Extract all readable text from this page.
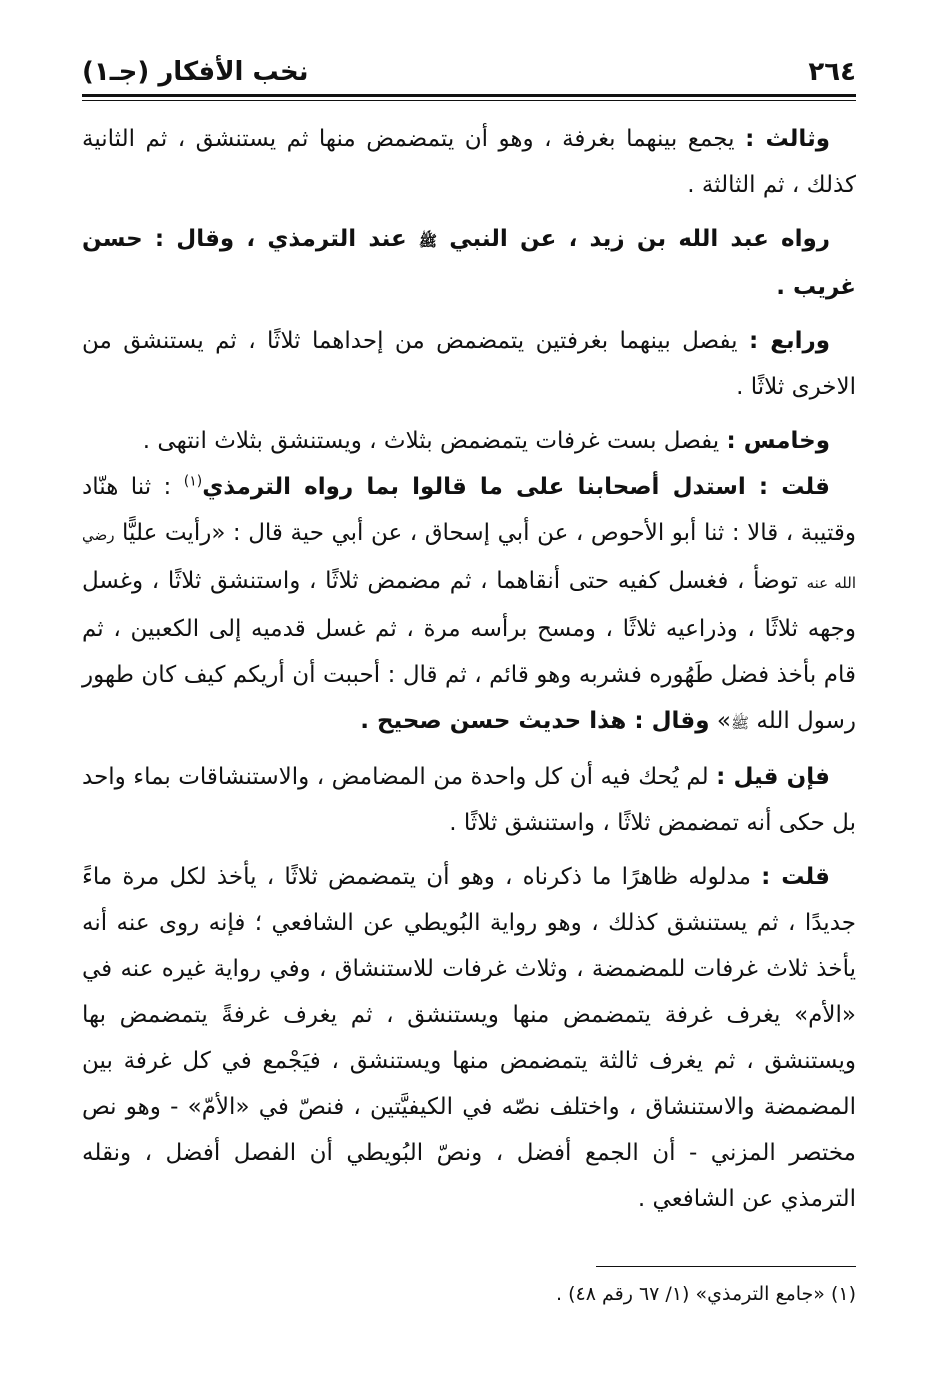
٢٦٤
نخب الأفكار (جـ١)

وثالث : يجمع بينهما بغرفة ، وهو أن يتمضمض منها ثم يستنشق ، ثم الثانية كذلك ، ثم الثالثة .

رواه عبد الله بن زيد ، عن النبي ﷺ عند الترمذي ، وقال : حسن غريب .

ورابع : يفصل بينهما بغرفتين يتمضمض من إحداهما ثلاثًا ، ثم يستنشق من الاخرى ثلاثًا .

وخامس : يفصل بست غرفات يتمضمض بثلاث ، ويستنشق بثلاث انتهى .

قلت : استدل أصحابنا على ما قالوا بما رواه الترمذي$^{(١)}$ : ثنا هنّاد وقتيبة ، قالا : ثنا أبو الأحوص ، عن أبي إسحاق ، عن أبي حية قال : «رأيت عليًّا رضي الله عنه توضأ ، فغسل كفيه حتى أنقاهما ، ثم مضمض ثلاثًا ، واستنشق ثلاثًا ، وغسل وجهه ثلاثًا ، وذراعيه ثلاثًا ، ومسح برأسه مرة ، ثم غسل قدميه إلى الكعبين ، ثم قام بأخذ فضل طَهُوره فشربه وهو قائم ، ثم قال : أحببت أن أريكم كيف كان طهور رسول الله ﷺ» وقال : هذا حديث حسن صحيح .

فإن قيل : لم يُحك فيه أن كل واحدة من المضامض ، والاستنشاقات بماء واحد بل حكى أنه تمضمض ثلاثًا ، واستنشق ثلاثًا .

قلت : مدلوله ظاهرًا ما ذكرناه ، وهو أن يتمضمض ثلاثًا ، يأخذ لكل مرة ماءً جديدًا ، ثم يستنشق كذلك ، وهو رواية البُويطي عن الشافعي ؛ فإنه روى عنه أنه يأخذ ثلاث غرفات للمضمضة ، وثلاث غرفات للاستنشاق ، وفي رواية غيره عنه في «الأم» يغرف غرفة يتمضمض منها ويستنشق ، ثم يغرف غرفةً يتمضمض بها ويستنشق ، ثم يغرف ثالثة يتمضمض منها ويستنشق ، فيَجْمع في كل غرفة بين المضمضة والاستنشاق ، واختلف نصّه في الكيفيَّتين ، فنصّ في «الأمّ» - وهو نص مختصر المزني - أن الجمع أفضل ، ونصّ البُويطي أن الفصل أفضل ، ونقله الترمذي عن الشافعي .

(١) «جامع الترمذي» (١/ ٦٧ رقم ٤٨) .
